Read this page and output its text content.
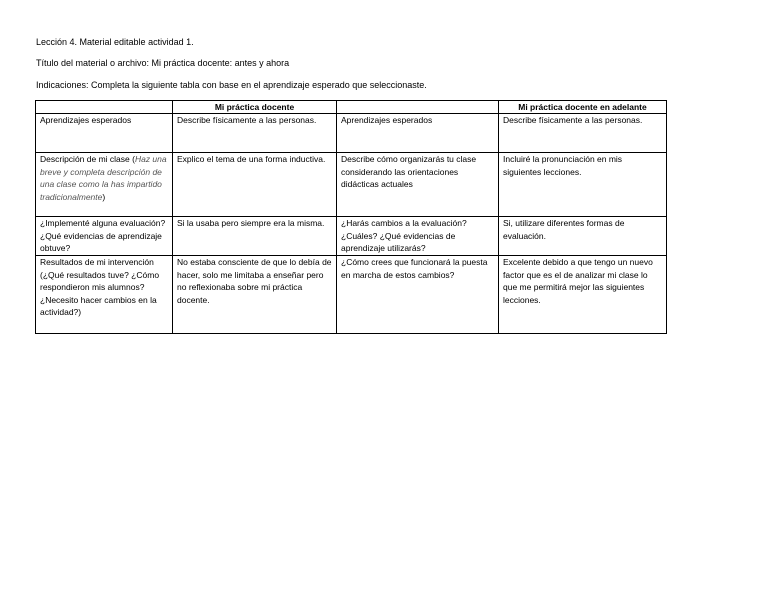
Lección 4. Material editable actividad 1.
Título del material o archivo: Mi práctica docente: antes y ahora
Indicaciones: Completa la siguiente tabla con base en el aprendizaje esperado que seleccionaste.
	Mi práctica docente		Mi práctica docente en adelante
Aprendizajes esperados	Describe físicamente a las personas.	Aprendizajes esperados	Describe físicamente a las personas.
Descripción de mi clase (Haz una breve y completa descripción de una clase como la has impartido tradicionalmente)	Explico el tema de una forma inductiva.	Describe cómo organizarás tu clase considerando las orientaciones didácticas actuales	Incluiré la pronunciación en mis siguientes lecciones.
¿Implementé alguna evaluación? ¿Qué evidencias de aprendizaje obtuve?	Si la usaba pero siempre era la misma.	¿Harás cambios a la evaluación? ¿Cuáles? ¿Qué evidencias de aprendizaje utilizarás?	Si, utilizare diferentes formas de evaluación.
Resultados de mi intervención (¿Qué resultados tuve? ¿Cómo respondieron mis alumnos? ¿Necesito hacer cambios en la actividad?)	No estaba consciente de que lo debía de hacer, solo me limitaba a enseñar pero no reflexionaba sobre mi práctica docente.	¿Cómo crees que funcionará la puesta en marcha de estos cambios?	Excelente debido a que tengo un nuevo factor que es el de analizar mi clase lo que me permitirá mejor las siguientes lecciones.
